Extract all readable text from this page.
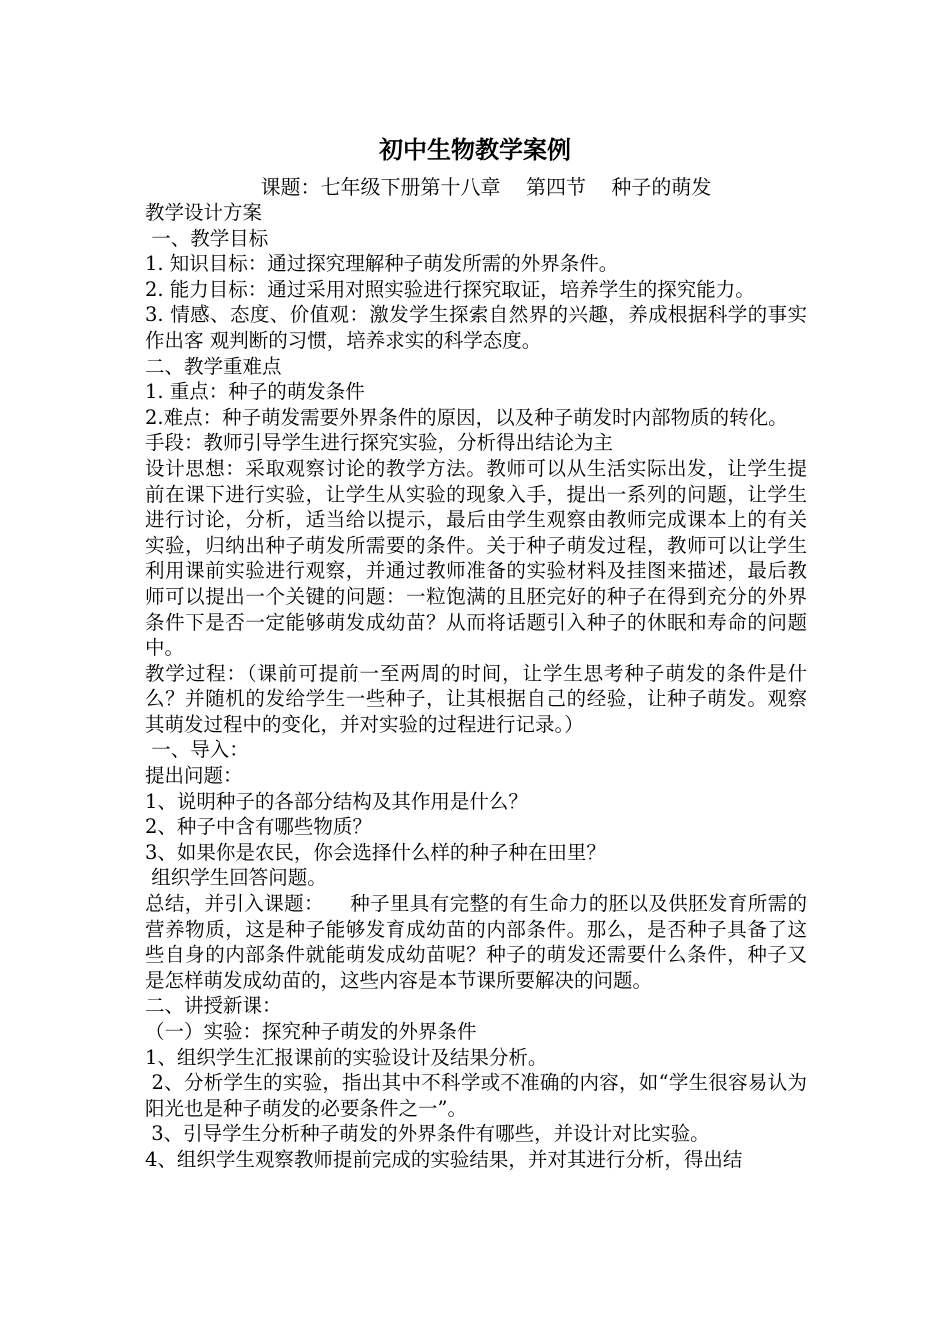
初中生物教学案例
课题：七年级下册第十八章    第四节    种子的萌发

教学设计方案

一、教学目标

1. 知识目标：通过探究理解种子萌发所需的外界条件。

2. 能力目标：通过采用对照实验进行探究取证，培养学生的探究能力。

3. 情感、态度、价值观：激发学生探索自然界的兴趣，养成根据科学的事实作出客 观判断的习惯，培养求实的科学态度。

二、教学重难点

1. 重点：种子的萌发条件

2.难点：种子萌发需要外界条件的原因，以及种子萌发时内部物质的转化。

手段：教师引导学生进行探究实验，分析得出结论为主

设计思想：采取观察讨论的教学方法。教师可以从生活实际出发，让学生提前在课下进行实验，让学生从实验的现象入手，提出一系列的问题，让学生进行讨论，分析，适当给以提示，最后由学生观察由教师完成课本上的有关实验，归纳出种子萌发所需要的条件。关于种子萌发过程，教师可以让学生利用课前实验进行观察，并通过教师准备的实验材料及挂图来描述，最后教师可以提出一个关键的问题：一粒饱满的且胚完好的种子在得到充分的外界条件下是否一定能够萌发成幼苗？从而将话题引入种子的休眠和寿命的问题中。

教学过程：（课前可提前一至两周的时间，让学生思考种子萌发的条件是什么？并随机的发给学生一些种子，让其根据自己的经验，让种子萌发。观察其萌发过程中的变化，并对实验的过程进行记录。）

一、导入：

提出问题：

1、说明种子的各部分结构及其作用是什么？

2、种子中含有哪些物质？

3、如果你是农民，你会选择什么样的种子种在田里？

组织学生回答问题。

总结，并引入课题：    种子里具有完整的有生命力的胚以及供胚发育所需的营养物质，这是种子能够发育成幼苗的内部条件。那么，是否种子具备了这些自身的内部条件就能萌发成幼苗呢？种子的萌发还需要什么条件，种子又是怎样萌发成幼苗的，这些内容是本节课所要解决的问题。

二、讲授新课：

（一）实验：探究种子萌发的外界条件

1、组织学生汇报课前的实验设计及结果分析。

2、分析学生的实验，指出其中不科学或不准确的内容，如“学生很容易认为阳光也是种子萌发的必要条件之一”。

3、引导学生分析种子萌发的外界条件有哪些，并设计对比实验。

4、组织学生观察教师提前完成的实验结果，并对其进行分析，得出结
